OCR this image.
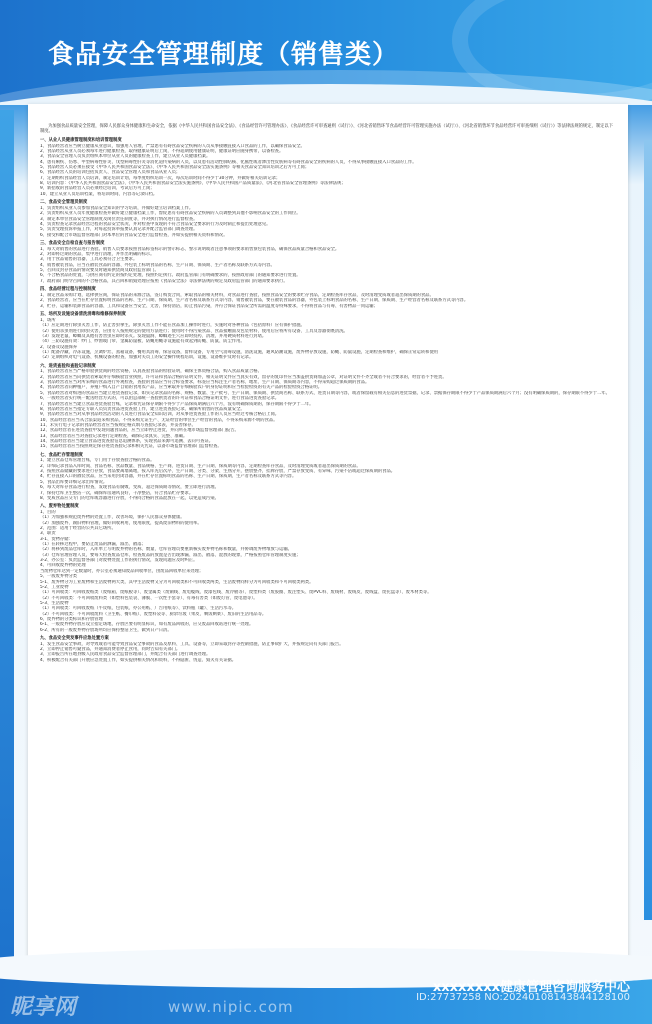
食品安全管理制度（销售类）

为加强食品质量安全管理，保障人民群众身体健康和生命安全，依据《中华人民共和国食品安全法》、《食品经营许可管理办法》、《食品经营许可审查通则（试行）》、《河北省销售环节食品经营许可管理实施办法（试行）》、《河北省销售环节食品经营许可审查细则（试行）》等法律法规的规定，制定以下制度。

一、从业人员健康管理制度和培训管理制度
1、食品经营者应当树立健康从业意识，加强用人管理，严禁患有有碍食品安全疾病的人员从事接触直接入口食品的工作，以确保食品安全。
2、食品经营从业人员必须每年进行健康检查，取得健康证明后上岗，不得超期使用健康证明，健康证明应随身携带，以备检查。
3、食品安全管理人员负责组织本单位从业人员的健康检查工作，建立从业人员健康档案。
4、患有痢疾、伤寒、甲型病毒性肝炎、戊型病毒性肝炎等消化道传染病的人员，以及患有活动性肺结核、化脓性或者渗出性皮肤病等有碍食品安全的疾病的人员，不得从事接触直接入口食品的工作。
5、食品经营人员必须在接受《中华人民共和国食品安全法》、《中华人民共和国食品安全法实施条例》等相关食品安全知识培训之后方可上岗；
6、食品经营人员的培训包括负责人、食品安全管理人员和食品从业人员；
7、定期组织食品经营人员培训，制定培训计划，每季度组织培训一次，每次培训时间不得少于30分钟，并做好相关培训记录；
8、培训内容：《中华人民共和国食品安全法》、《中华人民共和国食品安全法实施条例》、《中华人民共和国产品质量法》、《河北省食品安全管理条例》等法律法规；
9、新招收的食品经营人员必须经过培训、考试后方可上岗；
10、建立从业人员培训档案，将培训时间、内容等记录归档。
二、食品安全管理员制度
1、负责组织从业人员参加食品安全知识的学习培训，并做好建立培训档案工作。
2、负责组织从业人员年度健康检查并做好建立健康档案工作，督促患有有碍食品安全疾病的人员调整到其他不影响食品安全的工作岗位。
3、制定本单位食品安全管理制度及岗位责任制度等，并对执行情况进行监督检查。
4、负责检查记录食品经营过程的食品安全状况，并对检查中发现的不符合食品安全要求的行为及时制止和提出处理意见。
5、负责受理投诉举报工作，对每起投诉举报要认真记录并配合监管部门调查处理。
6、接受和配合市场监督管理部门对本单位的食品安全进行监督检查，并如实提供相关资料和情况。
三、食品安全自检自查与报告制度
1、每天对销售的食品进行查验。销售人员要求按照食品标签标示的警示标志、警示说明或者注意事项的要求销售预包装食品，确保食品质量合格和食品安全。
2、对即将过期的食品，集中进行清理，并作出明确的标示。
3、用于食品销售的容器、工具必须符合卫生要求。
4、销售散装食品，应当在散装食品的容器、外包装上标明食品的名称、生产日期、保质期、生产者名称及联系方式等内容。
5、召回及封存食品的情况要及时通知供货商及政府监管部门。
6、不合格食品的处置，与供应商有约定的按约定处理，按照约定执行。政府监管部门有明确要求的，按照政府部门的通知要求进行处置。
7、政府部门明令召回的不合格食品，其召回和销毁处理应按照《食品安全法》等法律法规的规定及政府监管部门的通知要求执行。
四、食品经营过程与控制制度
1、制定食品采购计划，选择供应商，保证食品的来源合法，签订购货合同，索取食品的相关材料，对食品进行查验，按照食品安全的要求贮存食品，定期检查库存食品，及时清理变质或者超出保质期的食品。
2、食品经营者，应当在贮存位置标明食品的名称、生产日期、保质期、生产者名称及联系方式等内容，销售散装食品，要在散装食品的容器，外包装上标明食品的名称、生产日期、保质期、生产经营者名称及联系方式等内容。
3、贮存、运输和装卸食品的容器、工具和设备应当安全、无害，保持清洁，防止食品污染，并符合保证食品安全所需的温度等特殊要求，不得将食品与有毒、有害物品一同运输；
五、场所及设施设备清洗消毒和维修保养制度
1、场所
（1）应定期进行除虫灭害工作，防止害虫孳生。除虫灭害工作不能在食品加工操作时进行，实施时对各种食品（包括原料）应有保护措施。
（2）使用杀虫剂进行除虫灭害，应由专人按照规定的使用方法进行；使用时不得污染食品、食品接触面及包装材料，使用后应将所有设备、工具及容器彻底清洗。
（3）发现老鼠、蟑螂及其他有害害虫应即时杀灭。发现鼠洞、蟑螂迹生穴应即时投药、清理，并用硬质材料进行封堵。
（4）三防设施有效：纱门、纱窗或门帘、金属防鼠板、防蝇用蝇等设施能有效起到防蝇、防鼠、防尘作用。
2、设备及设施保养
（1）配备冷藏、冷冻设施，烹调炉灶、蒸箱设备，餐用具消毒、保洁设备，留样设备，专用空气消毒设施，清洗设施，通风防潮设施，废弃物存放设施，防蝇、防鼠设施，定期检查和维护，确保正常运转和使用
（2）定期组织对电气设备、机械设备的检查，加强对关员工的安全操作规程培训，设施、设备维护及时有记录。
六、进货查验和查验记录制度
1、食品经营者应当严格审验供货商的经营资格，认真查验食品的检验证明，确保主体资格合法，购入食品质量合格。
2、食品经营者应当向供货者索取并仔细核验营业执照，许可证和食品合格的证明文件，相关证明文件应当真实有效，留存的复印件应当加盖供货商加盖公章，对证明文件不齐全或者不符合要求的，经营者不予进货。
3、食品经营者应当对所采购的食品进行外观检查，查验的食品应当符合标签要求，标签应当标注生产者名称、地址、生产日期、保质期等内容，不得采购超过保质期的食品。
4、食品经营者向种植户、养殖户购入自产自销的食用农产品，应当索取并仔细核验农户的身份证明和应当检验检疫的有关产品的检验检疫合格证明。
5、食品经营者对购进的食品应当建立进货查验记录，如实记录食品的名称、规格、数量、生产批号、生产日期、保质期、供货商名称、联系方式、进货日期等内容，或者保留载有相关信息的进货票据，记录、票据保存期限不得少于产品保质期满后六个月；没有明确保质期的，保存期限不得少于二年。
6、一般经营者实行统一配送经营方式的，可以由总部统一查验供货者的许可证和食品合格证明文件，进行食品进货查验记录。
7、食品经营者应当建立食品进货查验台账，记录和凭证保存期限不得少于产品保质期满后六个月，没有明确保质期的，保存期限不得少于二年。
8、食品经营者应当指定专职人员负责食品进货查验工作，建立进货查验记录，确保所销售的食品质量安全。
9、食品经营者应当对从事食品经营活动的人员进行食品安全知识培训，对从事进货查验工作的人员应当经过考核合格后上岗。
10、食品经营者应当从合法渠道采购食品，不得采购无证生产、无证经营的单位生产经营的食品，不得采购来源不明的食品。
11、未实行电子记录的食品经营者应当按规定格式填写查验记录表，并妥善保存。
12、食品经营者在进货查验中发现问题食品的，应当立即停止进货，并向所在地市场监督管理部门报告。
13、食品经营者应当对查验记录进行定期检查，确保记录真实、完整、准确。
14、食品经营者应当建立食品进货查验信息追溯体系，实现食品来源可追溯、去向可查证。
15、食品经营者应当按照规定保存进货查验记录和相关凭证，以备市场监督管理部门监督检查。
七、食品贮存管理制度
1、建立食品仓库管理台账，专门用于存放查验合格的食品。
2、详细记录食品入库时间、食品名称、食品数量、食品规格、生产商、进货日期、生产日期、保质期等内容，定期检查库存食品，及时清理变质或者超出保质期的食品。
3、按照食品储藏的要求进行存放，食品要离墙离地，按入库先后次序、生产日期、分类、分架、生熟分开，摆放整齐，挂牌存放，严禁存放变质、有异味、污染不洁或超过保质期的食品。
4、贮存直接入口的散装食品，应当采用封闭容器，并在贮存位置标明食品的名称、生产日期、保质期、生产者名称及联系方式等内容。
5、食品出库要详细记录出库情况。
6、每天对库存食品进行检查，发现食品有腐败、变质、超过保质期等情况，要立即进行清理。
7、保持仓库卫生整洁一次，确保库房通风良好，干净整洁，符合食品贮存要求。
8、变质食品应交专门的仓库或容器进行存放，不得同合格的食品混放在一起，以免造成污染。
八、废弃物处置制度
1、目的
（1）为加强和规范废弃物的处置工作，改善环境，保护人民群众身体健康。
（2）加强废弃、腐旧物料管理，做好回收利用，使用限度，提高废旧物料的使用率。
2、范围：适用于经营的公共其它场所。
3、职责
3-1、货物存储：
（1）在转移过程中，要防止废品的洒漏、溢出、散落；
（2）将移到废品仓库时，入库单上写明废弃物的名称、数量，仓库管理员要重新核实废弃物名称和数量，并协调废弃物堆放与运输。
（3）仓库管理管理人员，要每天检查废品仓库，检查废品的放置是否出现渗漏、溢出、散落、混放的现象，严格按照仓库管理制度实施；
3-2、办公室：负责监督各部门对废物处置工作的执行情况，发现问题应及时纠正。
4、可回收废弃物的处理
当废物仓库达到一定数量时，办公室必须通知废品回收单位，由废品回收单位来处理；
5、一般废弃物分类
5-1、废弃物分为工业废物和生活废物两大类，其中生活废物又分为可回收类和不可回收类两类，生活废物同样分为可回收类和不可回收类两类。
5-2、工业废物
（1）可回收类：可回收废纸类（废纸箱、废纸板等）、废金属类（废铜线、废电缆线、废漆包线、废冷板等）、废塑料类（废胶圈、废注塑头、废PVC料、废线材、废线皮、废线盘、废托盘等）、废木材类等。
（2）不可回收类：不可回收废料类（如塑料包装袋、薄膜、一次性手套等）、有毒有害类（如废灯管、废电池等）。
5-3、生活废物
（1）可回收类：可回收废纸（牛皮纸、包装纸、办公用纸、广告用纸等）、饮料瓶（罐）、生活污水等。
（2）不可回收类：不可回收废料（卫生纸、餐巾纸）、废塑料袋等、厨余垃圾（果皮、剩饭剩菜）、废旧的生活用品等。
6、废弃物的分类标识和存放管理
6-1、一般废弃物存放应设立指定场地，存放区要有明显标识，如有废品回收的，应交废品回收站进行统一处理。
6-2、所有的一般废弃物存放场所均应保持整洁卫生，做到日产日清。
九、食品安全突发事件应急处置方案
1、发生食品安全事故，对导致或者可能导致食品安全事故的食品及原料、工具、设备等，立即采取封存等控制措施，防止事故扩大，并按规定向有关部门报告。
2、立即停止销售可疑食品，并通知消费者停止食用，同时告知有关部门。
3、立即报告所在地县级人民政府食品安全监督管理部门，并配合有关部门进行调查处理。
4、积极配合有关部门开展应急处置工作，如实提供相关情况和资料，不得隐匿、伪造、毁灭有关证据。
xxxxxxxx健康管理咨询服务中心
昵享网	www.nipic.com
ID:27737258 NO:20240108143844128100
